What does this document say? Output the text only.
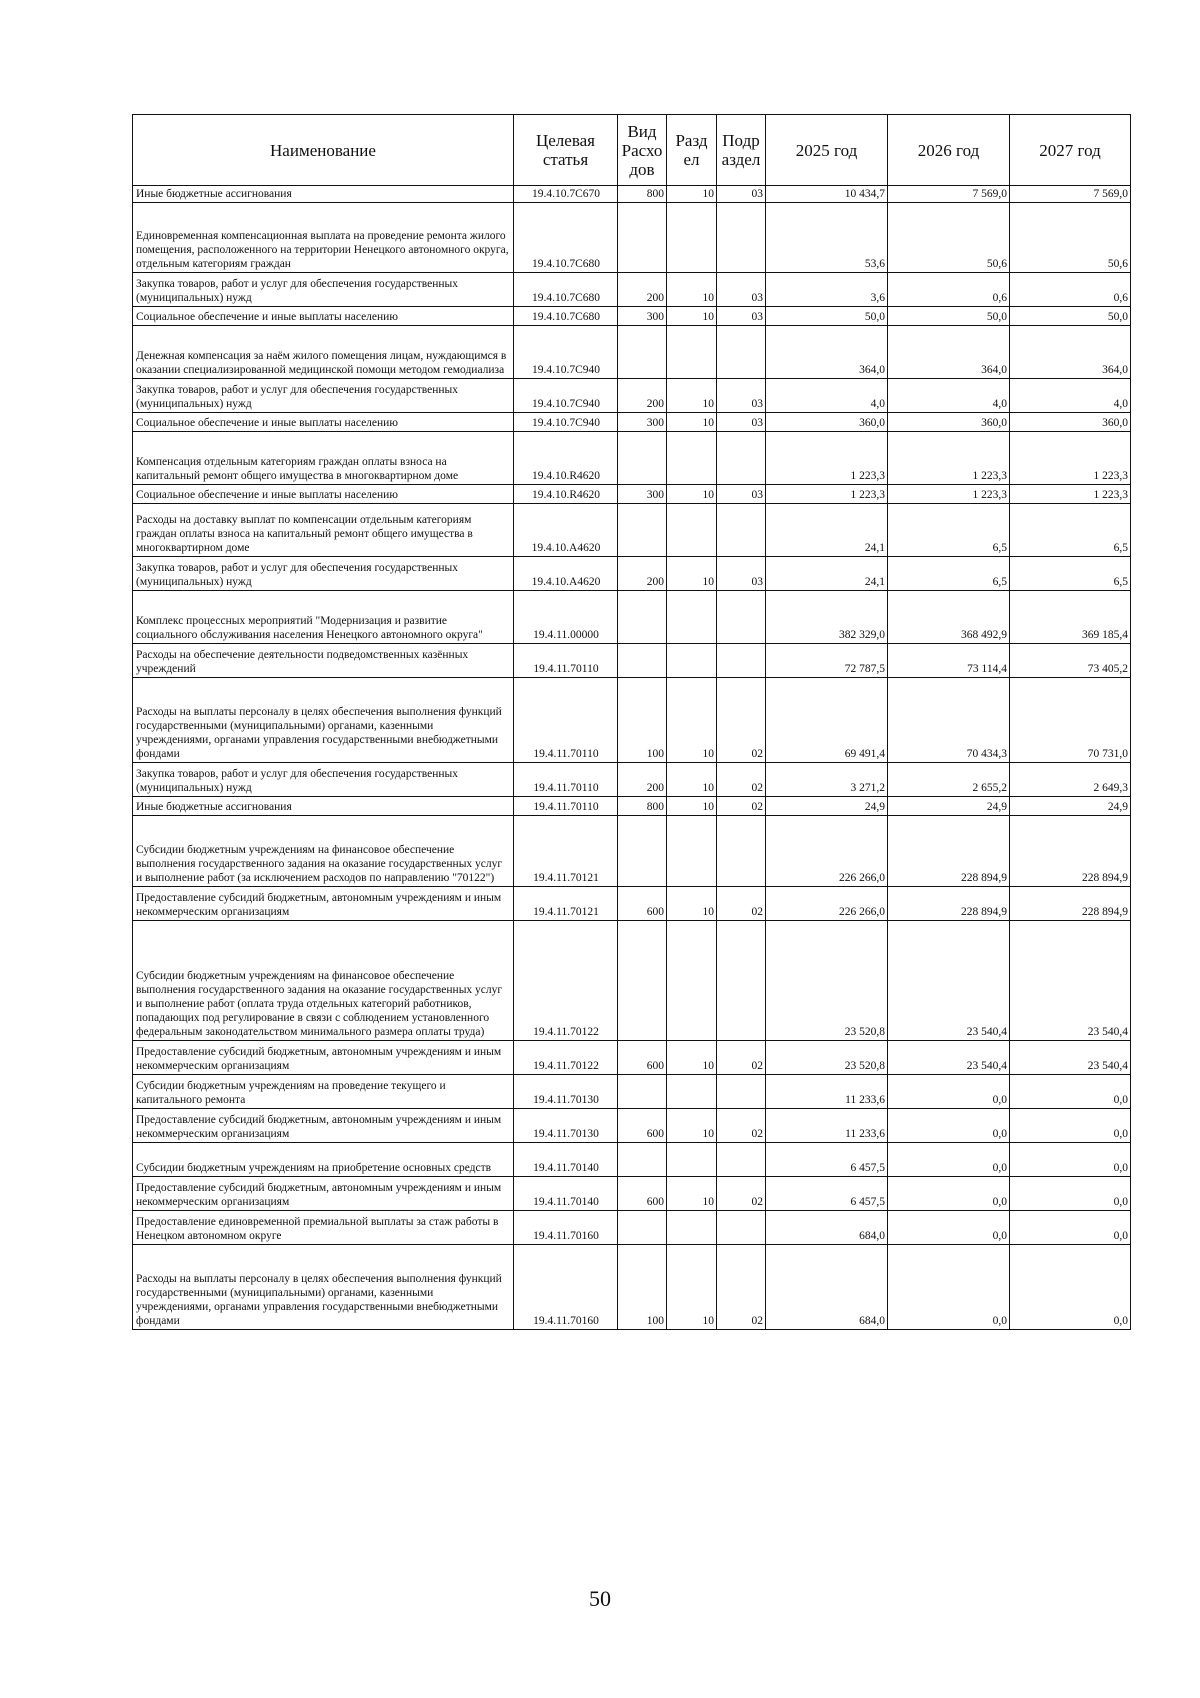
Наименование	Целевая статья	Вид Расхо дов	Разд ел	Подр аздел	2025 год	2026 год	2027 год
Иные бюджетные ассигнования	19.4.10.7С670	800	10	03	10 434,7	7 569,0	7 569,0
Единовременная компенсационная выплата на проведение ремонта жилого помещения, расположенного на территории Ненецкого автономного округа, отдельным категориям граждан	19.4.10.7С680				53,6	50,6	50,6
Закупка товаров, работ и услуг для обеспечения государственных (муниципальных) нужд	19.4.10.7С680	200	10	03	3,6	0,6	0,6
Социальное обеспечение и иные выплаты населению	19.4.10.7С680	300	10	03	50,0	50,0	50,0
Денежная компенсация за наём жилого помещения лицам, нуждающимся в оказании специализированной медицинской помощи методом гемодиализа	19.4.10.7С940				364,0	364,0	364,0
Закупка товаров, работ и услуг для обеспечения государственных (муниципальных) нужд	19.4.10.7С940	200	10	03	4,0	4,0	4,0
Социальное обеспечение и иные выплаты населению	19.4.10.7С940	300	10	03	360,0	360,0	360,0
Компенсация отдельным категориям граждан оплаты взноса на капитальный ремонт общего имущества в многоквартирном доме	19.4.10.R4620				1 223,3	1 223,3	1 223,3
Социальное обеспечение и иные выплаты населению	19.4.10.R4620	300	10	03	1 223,3	1 223,3	1 223,3
Расходы на доставку выплат по компенсации отдельным категориям граждан оплаты взноса на капитальный ремонт общего имущества в многоквартирном доме	19.4.10.А4620				24,1	6,5	6,5
Закупка товаров, работ и услуг для обеспечения государственных (муниципальных) нужд	19.4.10.А4620	200	10	03	24,1	6,5	6,5
Комплекс процессных мероприятий "Модернизация и развитие социального обслуживания населения Ненецкого автономного округа"	19.4.11.00000				382 329,0	368 492,9	369 185,4
Расходы на обеспечение деятельности подведомственных казённых учреждений	19.4.11.70110				72 787,5	73 114,4	73 405,2
Расходы на выплаты персоналу в целях обеспечения выполнения функций государственными (муниципальными) органами, казенными учреждениями, органами управления государственными внебюджетными фондами	19.4.11.70110	100	10	02	69 491,4	70 434,3	70 731,0
Закупка товаров, работ и услуг для обеспечения государственных (муниципальных) нужд	19.4.11.70110	200	10	02	3 271,2	2 655,2	2 649,3
Иные бюджетные ассигнования	19.4.11.70110	800	10	02	24,9	24,9	24,9
Субсидии бюджетным учреждениям на финансовое обеспечение выполнения государственного задания на оказание государственных услуг и выполнение работ (за исключением расходов по направлению "70122")	19.4.11.70121				226 266,0	228 894,9	228 894,9
Предоставление субсидий бюджетным, автономным учреждениям и иным некоммерческим организациям	19.4.11.70121	600	10	02	226 266,0	228 894,9	228 894,9
Субсидии бюджетным учреждениям на финансовое обеспечение выполнения государственного задания на оказание государственных услуг и выполнение работ (оплата труда отдельных категорий работников, попадающих под регулирование в связи с соблюдением установленного федеральным законодательством минимального размера оплаты труда)	19.4.11.70122				23 520,8	23 540,4	23 540,4
Предоставление субсидий бюджетным, автономным учреждениям и иным некоммерческим организациям	19.4.11.70122	600	10	02	23 520,8	23 540,4	23 540,4
Субсидии бюджетным учреждениям на проведение текущего и капитального ремонта	19.4.11.70130				11 233,6	0,0	0,0
Предоставление субсидий бюджетным, автономным учреждениям и иным некоммерческим организациям	19.4.11.70130	600	10	02	11 233,6	0,0	0,0
Субсидии бюджетным учреждениям на приобретение основных средств	19.4.11.70140				6 457,5	0,0	0,0
Предоставление субсидий бюджетным, автономным учреждениям и иным некоммерческим организациям	19.4.11.70140	600	10	02	6 457,5	0,0	0,0
Предоставление единовременной премиальной выплаты за стаж работы в Ненецком автономном округе	19.4.11.70160				684,0	0,0	0,0
Расходы на выплаты персоналу в целях обеспечения выполнения функций государственными (муниципальными) органами, казенными учреждениями, органами управления государственными внебюджетными фондами	19.4.11.70160	100	10	02	684,0	0,0	0,0
50
